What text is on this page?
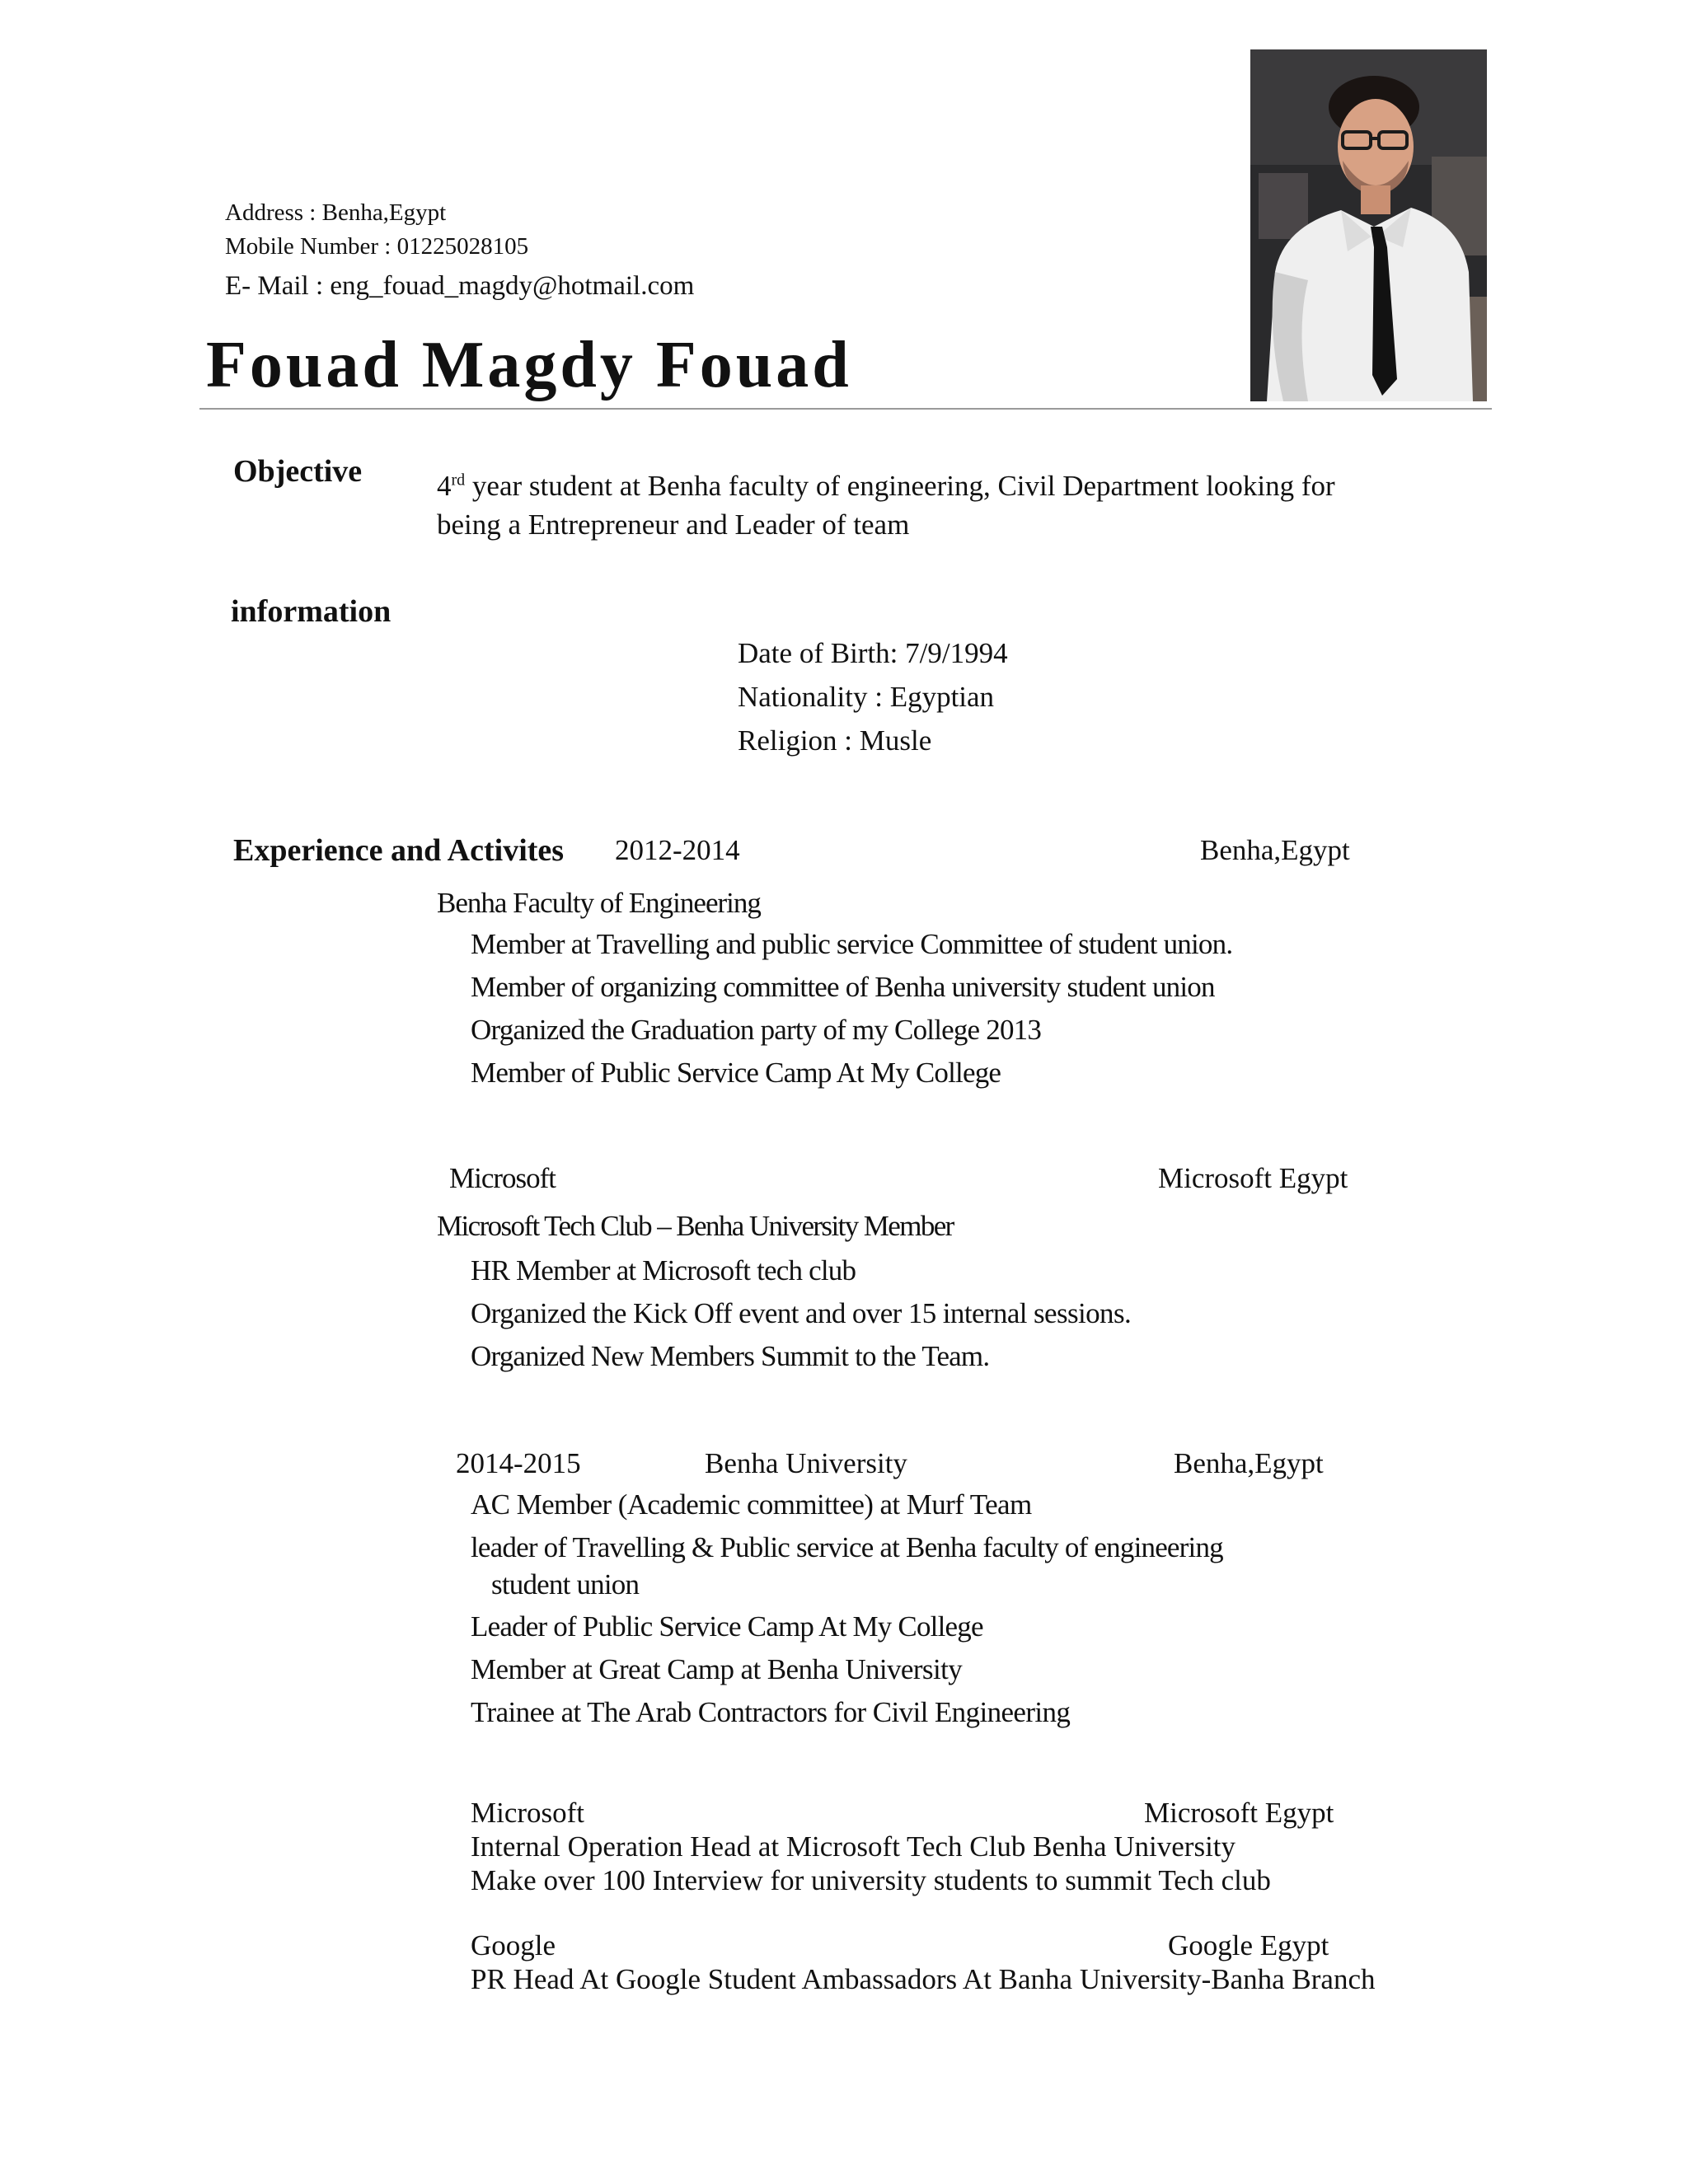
Address : Benha,Egypt
Mobile Number : 01225028105
E- Mail : eng_fouad_magdy@hotmail.com
Fouad Magdy Fouad
Objective	4rd year student at Benha faculty of engineering, Civil Department looking for
being a Entrepreneur and Leader of team
information
Date of Birth: 7/9/1994
Nationality : Egyptian
Religion : Musle
Experience and Activites 2012-2014	Benha,Egypt
Benha Faculty of Engineering
Member at Travelling and public service Committee of student union.
Member of organizing committee of Benha university student union
Organized the Graduation party of my College 2013
Member of Public Service Camp At My College
Microsoft	Microsoft Egypt
Microsoft Tech Club – Benha University Member
HR Member at Microsoft tech club
Organized the Kick Off event and over 15 internal sessions.
Organized New Members Summit to the Team.
2014-2015	Benha University	Benha,Egypt
AC Member (Academic committee) at Murf Team
leader of Travelling & Public service at Benha faculty of engineering
student union
Leader of Public Service Camp At My College
Member at Great Camp at Benha University
Trainee at The Arab Contractors for Civil Engineering
Microsoft	Microsoft Egypt
Internal Operation Head at Microsoft Tech Club Benha University
Make over 100 Interview for university students to summit Tech club
Google	Google Egypt
PR Head At Google Student Ambassadors At Banha University-Banha Branch
